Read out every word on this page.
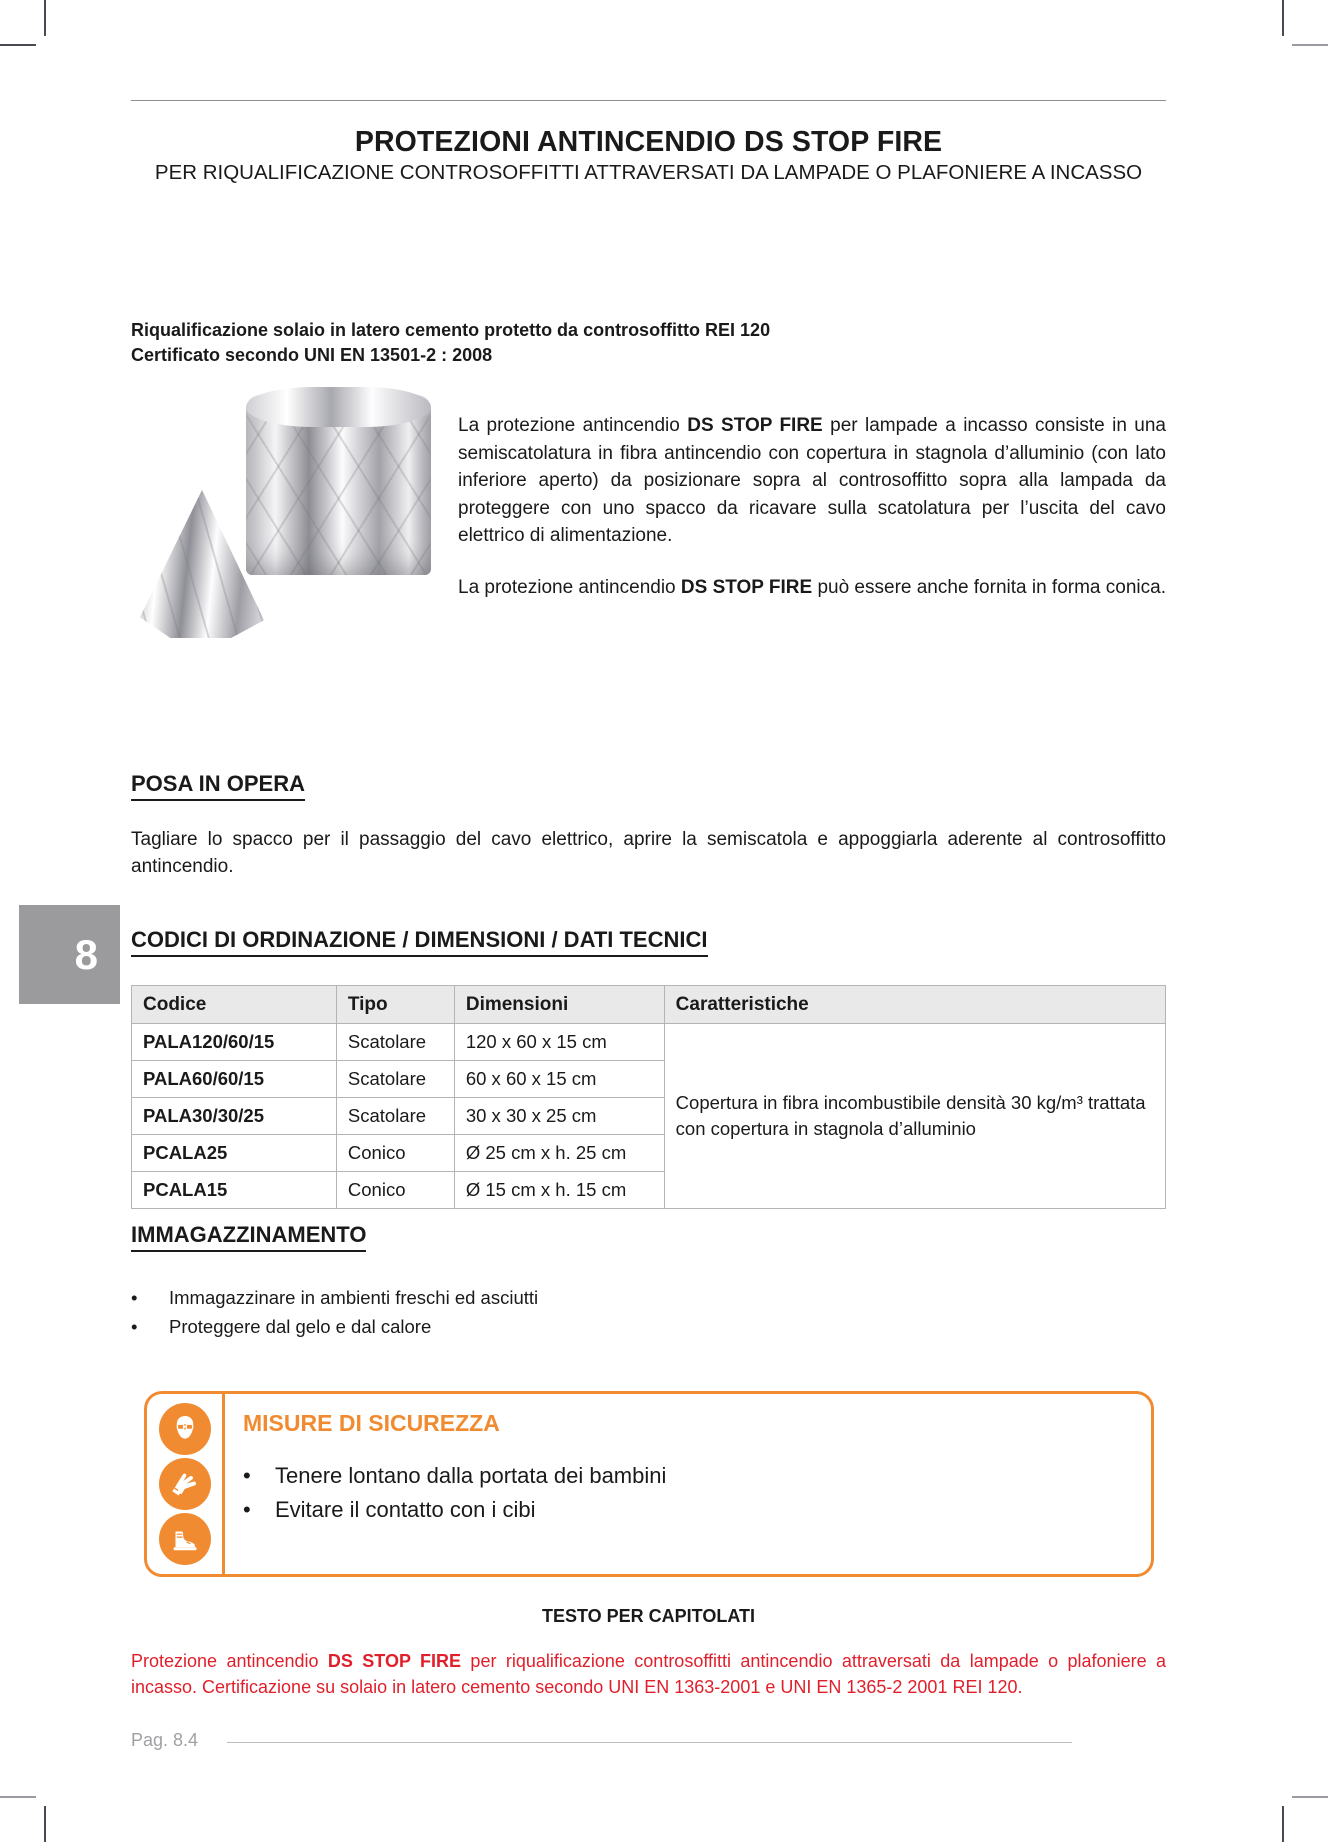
PROTEZIONI ANTINCENDIO DS STOP FIRE
PER RIQUALIFICAZIONE CONTROSOFFITTI ATTRAVERSATI DA LAMPADE O PLAFONIERE A INCASSO
Riqualificazione solaio in latero cemento protetto da controsoffitto REI 120
Certificato secondo UNI EN 13501-2 : 2008

La protezione antincendio DS STOP FIRE per lampade a incasso consiste in una semiscatolatura in fibra antincendio con copertura in stagnola d’alluminio (con lato inferiore aperto) da posizionare sopra al controsoffitto sopra alla lampada da proteggere con uno spacco da ricavare sulla scatolatura per l’uscita del cavo elettrico di alimentazione.

La protezione antincendio DS STOP FIRE può essere anche fornita in forma conica.

POSA IN OPERA
Tagliare lo spacco per il passaggio del cavo elettrico, aprire la semiscatola e appoggiarla aderente al controsoffitto antincendio.
8	CODICI DI ORDINAZIONE / DIMENSIONI / DATI TECNICI
Codice	Tipo	Dimensioni	Caratteristiche
PALA120/60/15	Scatolare	120 x 60 x 15 cm	Copertura in fibra incombustibile densità 30 kg/m³ trattata con copertura in stagnola d’alluminio
PALA60/60/15	Scatolare	60 x 60 x 15 cm	
PALA30/30/25	Scatolare	30 x 30 x 25 cm	
PCALA25	Conico	Ø 25 cm x h. 25 cm	
PCALA15	Conico	Ø 15 cm x h. 15 cm	
IMMAGAZZINAMENTO
•	Immagazzinare in ambienti freschi ed asciutti
•	Proteggere dal gelo e dal calore
MISURE DI SICUREZZA
•	Tenere lontano dalla portata dei bambini
•	Evitare il contatto con i cibi
TESTO PER CAPITOLATI
Protezione antincendio DS STOP FIRE per riqualificazione controsoffitti antincendio attraversati da lampade o plafoniere a incasso. Certificazione su solaio in latero cemento secondo UNI EN 1363-2001 e UNI EN 1365-2 2001 REI 120.
Pag. 8.4
